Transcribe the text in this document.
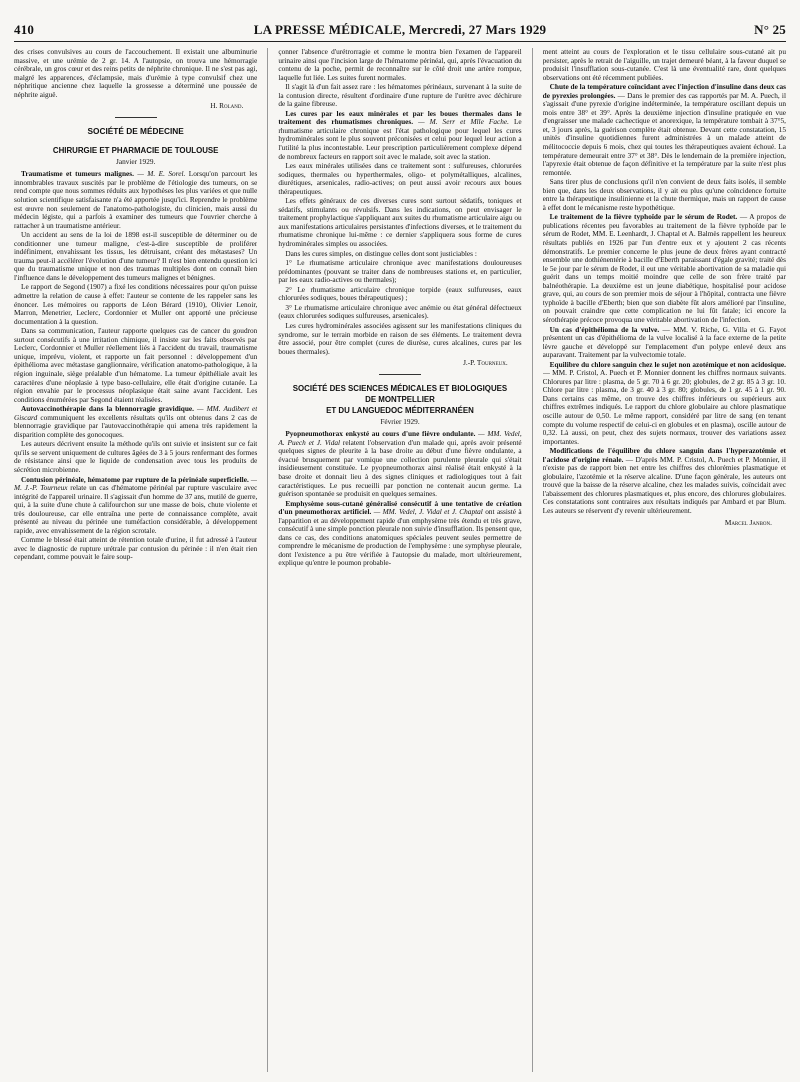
410	LA PRESSE MÉDICALE, Mercredi, 27 Mars 1929	N° 25

des crises convulsives au cours de l'accouchement. Il existait une albuminurie massive, et une urémie de 2 gr. 14. A l'autopsie, on trouva une hémorragie cérébrale, un gros cœur et des reins petits de néphrite chronique. Il ne s'est pas agi, malgré les apparences, d'éclampsie, mais d'urémie à type convulsif chez une néphritique ancienne chez laquelle la grossesse a déterminé une poussée de néphrite aiguë.

H. Roland.
SOCIÉTÉ DE MÉDECINE
CHIRURGIE ET PHARMACIE DE TOULOUSE
Janvier 1929.

Traumatisme et tumeurs malignes. — M. E. Sorel. Lorsqu'on parcourt les innombrables travaux suscités par le problème de l'étiologie des tumeurs, on se rend compte que nous sommes réduits aux hypothèses les plus variées et que nulle solution scientifique satisfaisante n'a été apportée jusqu'ici. Reprendre le problème est œuvre non seulement de l'anatomo-pathologiste, du clinicien, mais aussi du médecin légiste, qui a parfois à examiner des tumeurs que l'ouvrier cherche à rattacher à un traumatisme antérieur.

Un accident au sens de la loi de 1898 est-il susceptible de déterminer ou de conditionner une tumeur maligne, c'est-à-dire susceptible de proliférer indéfiniment, envahissant les tissus, les détruisant, créant des métastases? Un trauma peut-il accélérer l'évolution d'une tumeur? Il n'est bien entendu question ici que du traumatisme unique et non des traumas multiples dont on connaît bien l'influence dans le développement des tumeurs malignes et bénignes.

Le rapport de Segond (1907) a fixé les conditions nécessaires pour qu'on puisse admettre la relation de cause à effet: l'auteur se contente de les rappeler sans les énoncer. Les mémoires ou rapports de Léon Bérard (1910), Olivier Lenoir, Marron, Menetrier, Leclerc, Cordonnier et Muller ont apporté une précieuse documentation à la question.

Dans sa communication, l'auteur rapporte quelques cas de cancer du goudron surtout consécutifs à une irritation chimique, il insiste sur les faits observés par Leclerc, Cordonnier et Muller réellement liés à l'accident du travail, traumatisme unique, imprévu, violent, et rapporte un fait personnel : développement d'un épithélioma avec métastase ganglionnaire, vérification anatomo-pathologique, à la région inguinale, siège préalable d'un hématome. La tumeur épithéliale avait les caractères d'une néoplasie à type baso-cellulaire, elle était d'origine cutanée. La région envahie par le processus néoplasique était saine avant l'accident. Les conditions énumérées par Segond étaient réalisées.

Autovaccinothérapie dans la blennorragie gravidique. — MM. Audibert et Giscard communiquent les excellents résultats qu'ils ont obtenus dans 2 cas de blennorragie gravidique par l'autovaccinothérapie qui amena très rapidement la disparition complète des gonocoques.

Les auteurs décrivent ensuite la méthode qu'ils ont suivie et insistent sur ce fait qu'ils se servent uniquement de cultures âgées de 3 à 5 jours renfermant des formes de résistance ainsi que le liquide de condensation avec tous les produits de sécrétion microbienne.

Contusion périnéale, hématome par rupture de la périnéale superficielle. — M. J.-P. Tourneux relate un cas d'hématome périnéal par rupture vasculaire avec intégrité de l'appareil urinaire. Il s'agissait d'un homme de 37 ans, mutilé de guerre, qui, à la suite d'une chute à califourchon sur une masse de bois, chute violente et très douloureuse, car elle entraîna une perte de connaissance complète, avait présenté au niveau du périnée une tuméfaction considérable, à développement rapide, avec envahissement de la région scrotale.

Comme le blessé était atteint de rétention totale d'urine, il fut adressé à l'auteur avec le diagnostic de rupture urétrale par contusion du périnée : il n'en était rien cependant, comme pouvait le faire soup-

çonner l'absence d'urétrorragie et comme le montra bien l'examen de l'appareil urinaire ainsi que l'incision large de l'hématome périnéal, qui, après l'évacuation du contenu de la poche, permit de reconnaître sur le côté droit une artère rompue, laquelle fut liée. Les suites furent normales.

Il s'agit là d'un fait assez rare : les hématomes périnéaux, survenant à la suite de la contusion directe, résultent d'ordinaire d'une rupture de l'urètre avec déchirure de la gaine fibreuse.

Les cures par les eaux minérales et par les boues thermales dans le traitement des rhumatismes chroniques. — M. Serr et Mlle Fache. Le rhumatisme articulaire chronique est l'état pathologique pour lequel les cures hydrominérales sont le plus souvent préconisées et celui pour lequel leur action a l'utilité la plus incontestable. Leur prescription particulièrement complexe dépend de nombreux facteurs en rapport soit avec le malade, soit avec la station.

Les eaux minérales utilisées dans ce traitement sont : sulfureuses, chlorurées sodiques, thermales ou hyperthermales, oligo- et polymétalliques, alcalines, diurétiques, arsenicales, radio-actives; on peut aussi avoir recours aux boues thérapeutiques.

Les effets généraux de ces diverses cures sont surtout sédatifs, toniques et sédatifs, stimulants ou révulsifs. Dans les indications, on peut envisager le traitement prophylactique s'appliquant aux suites du rhumatisme articulaire aigu ou aux manifestations articulaires persistantes d'infections diverses, et le traitement du rhumatisme chronique lui-même : ce dernier s'appliquera sous forme de cures hydrominérales simples ou associées.

Dans les cures simples, on distingue celles dont sont justiciables :

1° Le rhumatisme articulaire chronique avec manifestations douloureuses prédominantes (pouvant se traiter dans de nombreuses stations et, en particulier, par les eaux radio-actives ou thermales);

2° Le rhumatisme articulaire chronique torpide (eaux sulfureuses, eaux chlorurées sodiques, boues thérapeutiques) ;

3° Le rhumatisme articulaire chronique avec anémie ou état général défectueux (eaux chlorurées sodiques sulfureuses, arsenicales).

Les cures hydrominérales associées agissent sur les manifestations cliniques du syndrome, sur le terrain morbide en raison de ses éléments. Le traitement devra être associé, pour être complet (cures de diurèse, cures alcalines, cures par les boues thermales).

J.-P. Tourneux.
SOCIÉTÉ DES SCIENCES MÉDICALES ET BIOLOGIQUES
DE MONTPELLIER
ET DU LANGUEDOC MÉDITERRANÉEN
Février 1929.

Pyopneumothorax enkysté au cours d'une fièvre ondulante. — MM. Vedel, A. Puech et J. Vidal relatent l'observation d'un malade qui, après avoir présenté quelques signes de pleurite à la base droite au début d'une fièvre ondulante, a évacué brusquement par vomique une collection purulente pleurale qui s'était insidieusement constituée. Le pyopneumothorax ainsi réalisé était enkysté à la base droite et donnait lieu à des signes cliniques et radiologiques tout à fait caractéristiques. Le pus recueilli par ponction ne contenait aucun germe. La guérison spontanée se produisit en quelques semaines.

Emphysème sous-cutané généralisé consécutif à une tentative de création d'un pneumothorax artificiel. — MM. Vedel, J. Vidal et J. Chaptal ont assisté à l'apparition et au développement rapide d'un emphysème très étendu et très grave, consécutif à une simple ponction pleurale non suivie d'insufflation. Ils pensent que, dans ce cas, des conditions anatomiques spéciales peuvent seules permettre de comprendre le mécanisme de production de l'emphysème : une symphyse pleurale, dont l'existence a pu être vérifiée à l'autopsie du malade, mort ultérieurement, explique qu'entre le poumon probable-

ment atteint au cours de l'exploration et le tissu cellulaire sous-cutané ait pu persister, après le retrait de l'aiguille, un trajet demeuré béant, à la faveur duquel se produisit l'insufflation sous-cutanée. C'est là une éventualité rare, dont quelques observations ont été récemment publiées.

Chute de la température coïncidant avec l'injection d'insuline dans deux cas de pyrexies prolongées. — Dans le premier des cas rapportés par M. A. Puech, il s'agissait d'une pyrexie d'origine indéterminée, la température oscillant depuis un mois entre 38° et 39°. Après la deuxième injection d'insuline pratiquée en vue d'engraisser une malade cachectique et anorexique, la température tombait à 37°5, et, 3 jours après, la guérison complète était obtenue. Devant cette constatation, 15 unités d'insuline quotidiennes furent administrées à un malade atteint de mélitococcie depuis 6 mois, chez qui toutes les thérapeutiques avaient échoué. La température demeurait entre 37° et 38°. Dès le lendemain de la première injection, l'apyrexie était obtenue de façon définitive et la température par la suite n'est plus remontée.

Sans tirer plus de conclusions qu'il n'en convient de deux faits isolés, il semble bien que, dans les deux observations, il y ait eu plus qu'une coïncidence fortuite entre la thérapeutique insulinienne et la chute thermique, mais un rapport de cause à effet dont le mécanisme reste hypothétique.

Le traitement de la fièvre typhoïde par le sérum de Rodet. — A propos de publications récentes peu favorables au traitement de la fièvre typhoïde par le sérum de Rodet, MM. E. Leenhardt, J. Chaptal et A. Balmès rappellent les heureux résultats publiés en 1926 par l'un d'entre eux et y ajoutent 2 cas récents démonstratifs. Le premier concerne le plus jeune de deux frères ayant contracté ensemble une dothiénentérie à bacille d'Eberth paraissant d'égale gravité; traité dès le 5e jour par le sérum de Rodet, il eut une véritable abortivation de sa maladie qui guérit dans un temps moitié moindre que celle de son frère traité par balnéothérapie. La deuxième est un jeune diabétique, hospitalisé pour acidose grave, qui, au cours de son premier mois de séjour à l'hôpital, contracta une fièvre typhoïde à bacille d'Eberth; bien que son diabète fût alors amélioré par l'insuline, on pouvait craindre que cette complication ne lui fût fatale; ici encore la sérothérapie précoce provoqua une véritable abortivation de l'infection.

Un cas d'épithélioma de la vulve. — MM. V. Riche, G. Villa et G. Fayot présentent un cas d'épithélioma de la vulve localisé à la face externe de la petite lèvre gauche et développé sur l'emplacement d'un polype enlevé deux ans auparavant. Traitement par la vulvectomie totale.

Equilibre du chlore sanguin chez le sujet non azotémique et non acidosique. — MM. P. Cristol, A. Puech et P. Monnier donnent les chiffres normaux suivants. Chlorures par litre : plasma, de 5 gr. 70 à 6 gr. 20; globules, de 2 gr. 85 à 3 gr. 10. Chlore par litre : plasma, de 3 gr. 40 à 3 gr. 80; globules, de 1 gr. 45 à 1 gr. 90. Dans certains cas même, on trouve des chiffres inférieurs ou supérieurs aux chiffres extrêmes indiqués. Le rapport du chlore globulaire au chlore plasmatique oscille autour de 0,50. Le même rapport, considéré par litre de sang (en tenant compte du volume respectif de celui-ci en globules et en plasma), oscille autour de 0,32. Là aussi, on peut, chez des sujets normaux, trouver des variations assez importantes.

Modifications de l'équilibre du chlore sanguin dans l'hyperazotémie et l'acidose d'origine rénale. — D'après MM. P. Cristol, A. Puech et P. Monnier, il n'existe pas de rapport bien net entre les chiffres des chlorémies plasmatique et globulaire, l'azotémie et la réserve alcaline. D'une façon générale, les auteurs ont trouvé que la baisse de la réserve alcaline, chez les malades suivis, coïncidait avec l'abaissement des chlorures plasmatiques et, plus encore, des chlorures globulaires. Ces constatations sont contraires aux résultats indiqués par Ambard et par Blum. Les auteurs se réservent d'y revenir ultérieurement.

Marcel Janbon.
